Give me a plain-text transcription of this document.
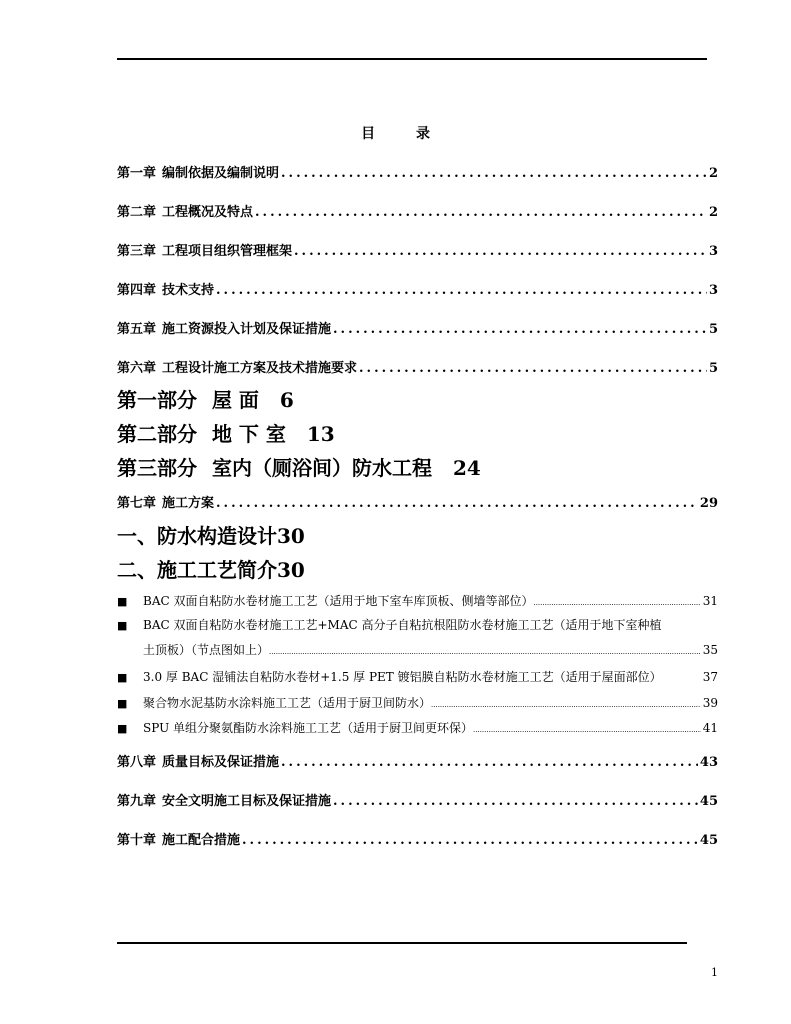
目	录
第一章 编制依据及编制说明 .....	2
第二章 工程概况及特点 .....	2
第三章 工程项目组织管理框架 .....	3
第四章 技术支持 .....	3
第五章 施工资源投入计划及保证措施 .....	5
第六章 工程设计施工方案及技术措施要求 .....	5
第一部分 屋 面 6
第二部分 地 下 室 13
第三部分 室内（厕浴间）防水工程 24
第七章 施工方案 .....	29
一、防水构造设计30
二、施工工艺简介30
■	BAC 双面自粘防水卷材施工工艺（适用于地下室车库顶板、侧墙等部位） .....	31
■	BAC 双面自粘防水卷材施工工艺+MAC 高分子自粘抗根阻防水卷材施工工艺（适用于地下室种植
土顶板）（节点图如上） .....	35
■	3.0 厚 BAC 湿铺法自粘防水卷材+1.5 厚 PET 镀铝膜自粘防水卷材施工工艺（适用于屋面部位）	37
■	聚合物水泥基防水涂料施工工艺（适用于厨卫间防水） .....	39
■	SPU 单组分聚氨酯防水涂料施工工艺（适用于厨卫间更环保） .....	41
第八章 质量目标及保证措施 .....	43
第九章 安全文明施工目标及保证措施 .....	45
第十章 施工配合措施 .....	45
1
